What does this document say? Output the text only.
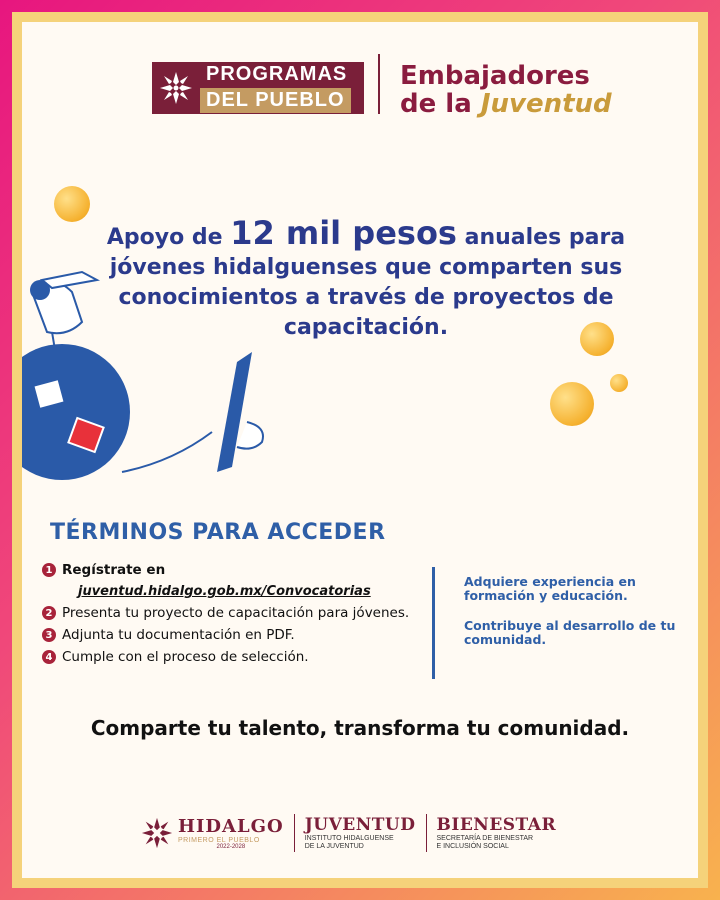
PROGRAMAS
DEL PUEBLO
Embajadores
de la Juventud
Apoyo de 12 mil pesos anuales para jóvenes hidalguenses que comparten sus conocimientos a través de proyectos de capacitación.
TÉRMINOS PARA ACCEDER
1 Regístrate en
juventud.hidalgo.gob.mx/Convocatorias
2 Presenta tu proyecto de capacitación para jóvenes.
3 Adjunta tu documentación en PDF.
4 Cumple con el proceso de selección.

Adquiere experiencia en formación y educación.

Contribuye al desarrollo de tu comunidad.

Comparte tu talento, transforma tu comunidad.
HIDALGO
PRIMERO EL PUEBLO
2022-2028
JUVENTUD
INSTITUTO HIDALGUENSE
DE LA JUVENTUD
BIENESTAR
SECRETARÍA DE BIENESTAR
E INCLUSIÓN SOCIAL
